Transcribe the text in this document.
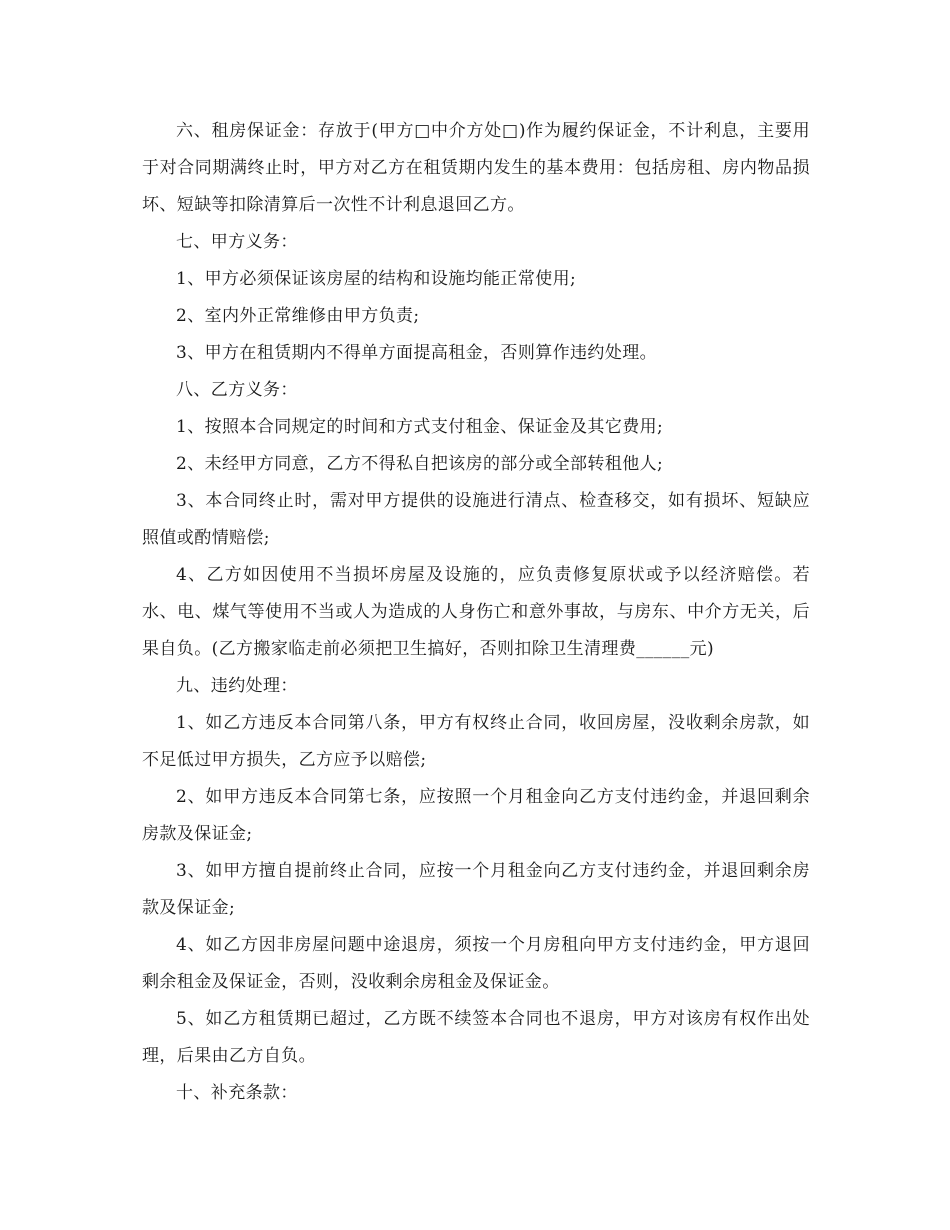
六、租房保证金：存放于(甲方□中介方处□)作为履约保证金，不计利息，主要用于对合同期满终止时，甲方对乙方在租赁期内发生的基本费用：包括房租、房内物品损坏、短缺等扣除清算后一次性不计利息退回乙方。

七、甲方义务：

1、甲方必须保证该房屋的结构和设施均能正常使用;

2、室内外正常维修由甲方负责;

3、甲方在租赁期内不得单方面提高租金，否则算作违约处理。

八、乙方义务：

1、按照本合同规定的时间和方式支付租金、保证金及其它费用;

2、未经甲方同意，乙方不得私自把该房的部分或全部转租他人;

3、本合同终止时，需对甲方提供的设施进行清点、检查移交，如有损坏、短缺应照值或酌情赔偿;

4、乙方如因使用不当损坏房屋及设施的，应负责修复原状或予以经济赔偿。若水、电、煤气等使用不当或人为造成的人身伤亡和意外事故，与房东、中介方无关，后果自负。(乙方搬家临走前必须把卫生搞好，否则扣除卫生清理费______元)

九、违约处理：

1、如乙方违反本合同第八条，甲方有权终止合同，收回房屋，没收剩余房款，如不足低过甲方损失，乙方应予以赔偿;

2、如甲方违反本合同第七条，应按照一个月租金向乙方支付违约金，并退回剩余房款及保证金;

3、如甲方擅自提前终止合同，应按一个月租金向乙方支付违约金，并退回剩余房款及保证金;

4、如乙方因非房屋问题中途退房，须按一个月房租向甲方支付违约金，甲方退回剩余租金及保证金，否则，没收剩余房租金及保证金。

5、如乙方租赁期已超过，乙方既不续签本合同也不退房，甲方对该房有权作出处理，后果由乙方自负。

十、补充条款：
